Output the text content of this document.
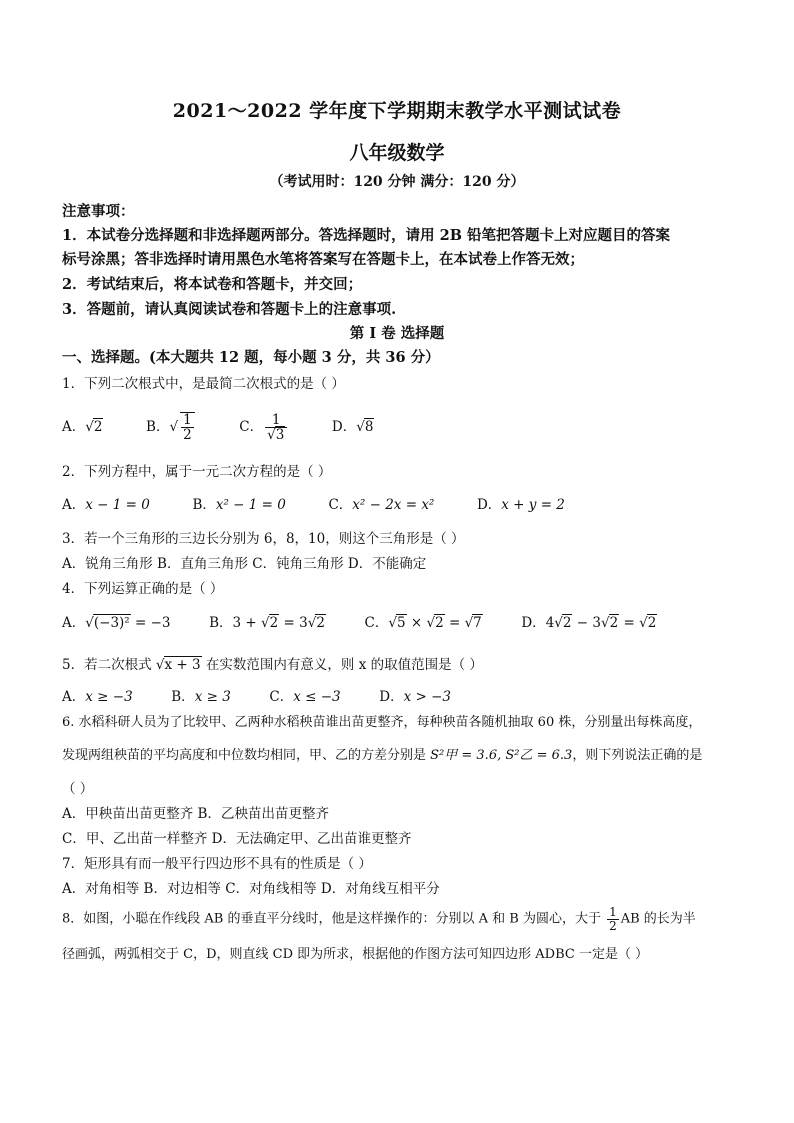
2021～2022 学年度下学期期末教学水平测试试卷
八年级数学
（考试用时：120 分钟 满分：120 分）
注意事项：
1．本试卷分选择题和非选择题两部分。答选择题时，请用 2B 铅笔把答题卡上对应题目的答案
标号涂黑；答非选择时请用黑色水笔将答案写在答题卡上，在本试卷上作答无效；
2．考试结束后，将本试卷和答题卡，并交回；
3．答题前，请认真阅读试卷和答题卡上的注意事项.
第 I 卷 选择题
一、选择题。(本大题共 12 题，每小题 3 分，共 36 分）
1．下列二次根式中，是最简二次根式的是（ ）
A．√2	B．√ $\frac{1}{2}$	C． $\frac{1}{√3}$	D．√8
2．下列方程中，属于一元二次方程的是（ ）
A．x − 1 = 0	B．x² − 1 = 0	C．x² − 2x = x²	D．x + y = 2
3．若一个三角形的三边长分别为 6，8，10，则这个三角形是（ ）
A．锐角三角形 B．直角三角形 C．钝角三角形 D．不能确定
4．下列运算正确的是（ ）
A．√(−3)² = −3	B．3 + √2 = 3√2	C．√5 × √2 = √7	D．4√2 − 3√2 = √2
5．若二次根式 √x + 3 在实数范围内有意义，则 x 的取值范围是（ ）
A．x ≥ −3	B．x ≥ 3	C．x ≤ −3	D．x > −3
6. 水稻科研人员为了比较甲、乙两种水稻秧苗谁出苗更整齐，每种秧苗各随机抽取 60 株，分别量出每株高度，
发现两组秧苗的平均高度和中位数均相同，甲、乙的方差分别是 S²甲 = 3.6, S²乙 = 6.3，则下列说法正确的是
（ ）
A．甲秧苗出苗更整齐 B．乙秧苗出苗更整齐
C．甲、乙出苗一样整齐 D．无法确定甲、乙出苗谁更整齐
7．矩形具有而一般平行四边形不具有的性质是（ ）
A．对角相等 B．对边相等 C．对角线相等 D．对角线互相平分
8．如图，小聪在作线段 AB 的垂直平分线时，他是这样操作的：分别以 A 和 B 为圆心，大于 $\frac{1}{2}$ AB 的长为半
径画弧，两弧相交于 C，D，则直线 CD 即为所求，根据他的作图方法可知四边形 ADBC 一定是（ ）
